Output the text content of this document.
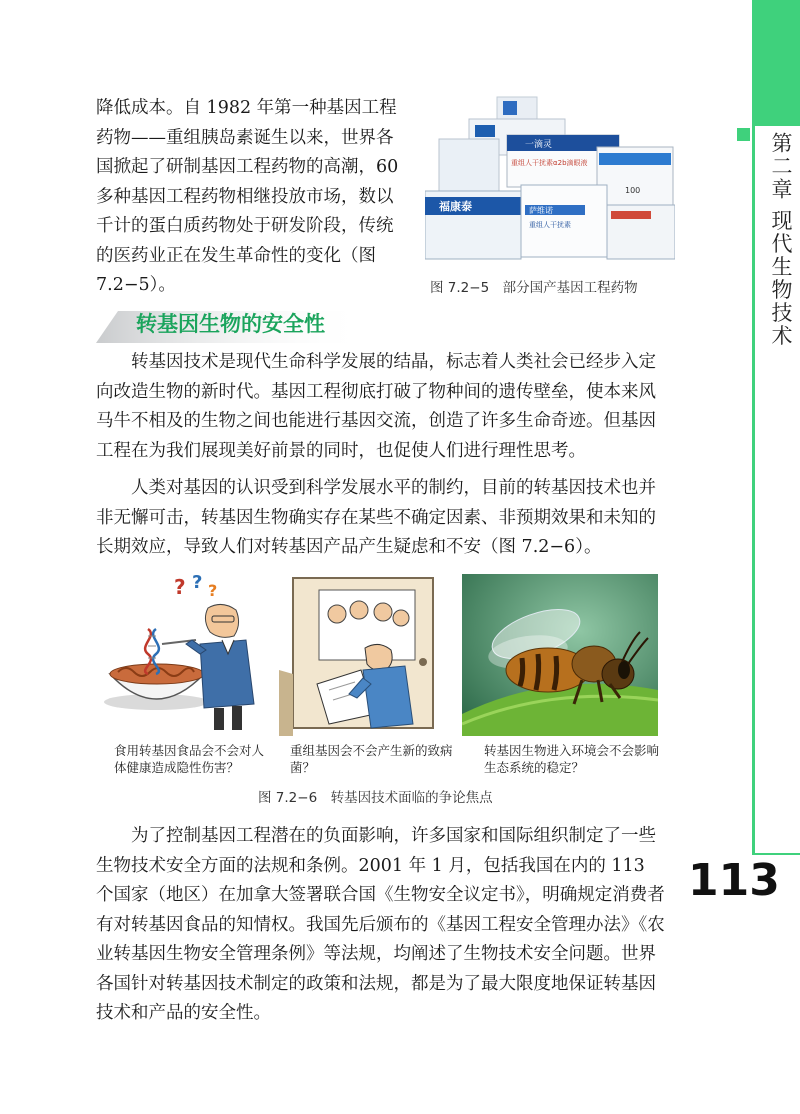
第二章 现代生物技术
113
降低成本。自 1982 年第一种基因工程药物——重组胰岛素诞生以来，世界各国掀起了研制基因工程药物的高潮，60 多种基因工程药物相继投放市场，数以千计的蛋白质药物处于研发阶段，传统的医药业正在发生革命性的变化（图 7.2−5）。
一滴灵
重组人干扰素α2b滴眼液
100
福康泰	萨维诺
重组人干扰素
图 7.2−5　部分国产基因工程药物
转基因生物的安全性
转基因技术是现代生命科学发展的结晶，标志着人类社会已经步入定向改造生物的新时代。基因工程彻底打破了物种间的遗传壁垒，使本来风马牛不相及的生物之间也能进行基因交流，创造了许多生命奇迹。但基因工程在为我们展现美好前景的同时，也促使人们进行理性思考。
人类对基因的认识受到科学发展水平的制约，目前的转基因技术也并非无懈可击，转基因生物确实存在某些不确定因素、非预期效果和未知的长期效应，导致人们对转基因产品产生疑虑和不安（图 7.2−6）。
? ? ?
食用转基因食品会不会对人体健康造成隐性伤害？
重组基因会不会产生新的致病菌？
转基因生物进入环境会不会影响生态系统的稳定？
图 7.2−6　转基因技术面临的争论焦点
为了控制基因工程潜在的负面影响，许多国家和国际组织制定了一些生物技术安全方面的法规和条例。2001 年 1 月，包括我国在内的 113 个国家（地区）在加拿大签署联合国《生物安全议定书》，明确规定消费者有对转基因食品的知情权。我国先后颁布的《基因工程安全管理办法》《农业转基因生物安全管理条例》等法规，均阐述了生物技术安全问题。世界各国针对转基因技术制定的政策和法规，都是为了最大限度地保证转基因技术和产品的安全性。
